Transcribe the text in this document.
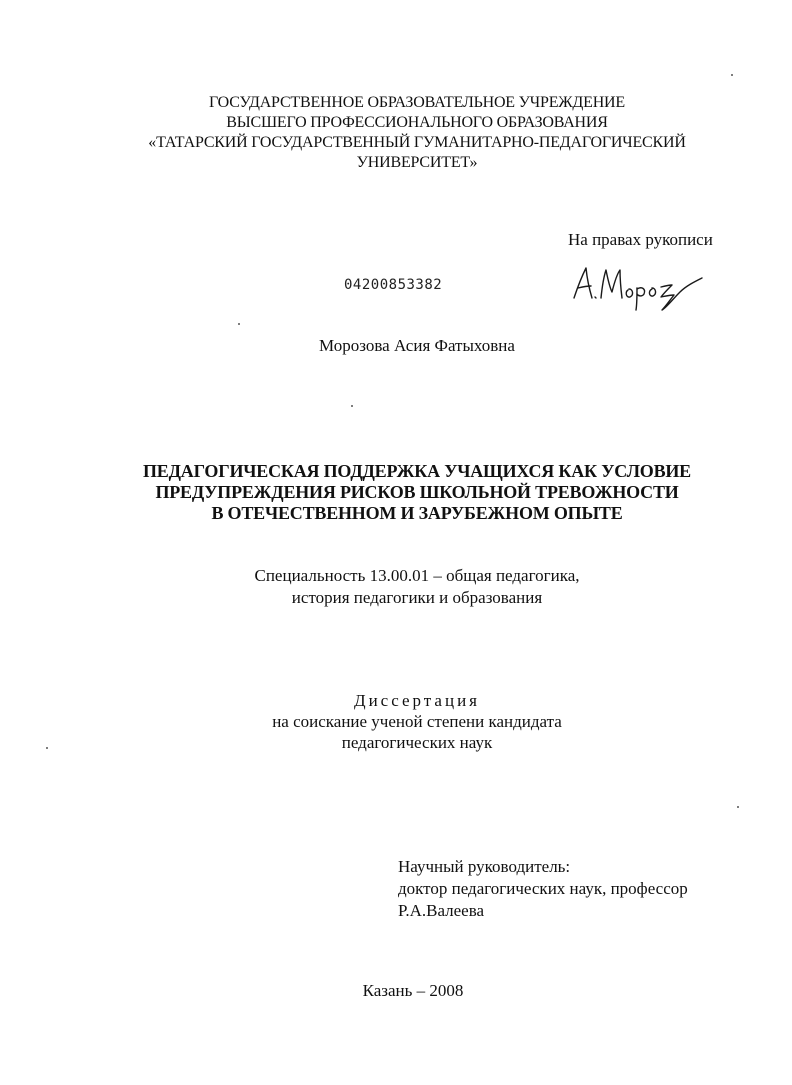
ГОСУДАРСТВЕННОЕ ОБРАЗОВАТЕЛЬНОЕ УЧРЕЖДЕНИЕ
ВЫСШЕГО ПРОФЕССИОНАЛЬНОГО ОБРАЗОВАНИЯ
«ТАТАРСКИЙ ГОСУДАРСТВЕННЫЙ ГУМАНИТАРНО-ПЕДАГОГИЧЕСКИЙ
УНИВЕРСИТЕТ»
На правах рукописи
04200853382
Морозова Асия Фатыховна
ПЕДАГОГИЧЕСКАЯ ПОДДЕРЖКА УЧАЩИХСЯ КАК УСЛОВИЕ
ПРЕДУПРЕЖДЕНИЯ РИСКОВ ШКОЛЬНОЙ ТРЕВОЖНОСТИ
В ОТЕЧЕСТВЕННОМ И ЗАРУБЕЖНОМ ОПЫТЕ
Специальность 13.00.01 – общая педагогика,
история педагогики и образования
Диссертация
на соискание ученой степени кандидата
педагогических наук
Научный руководитель:
доктор педагогических наук, профессор
Р.А.Валеева
Казань – 2008
